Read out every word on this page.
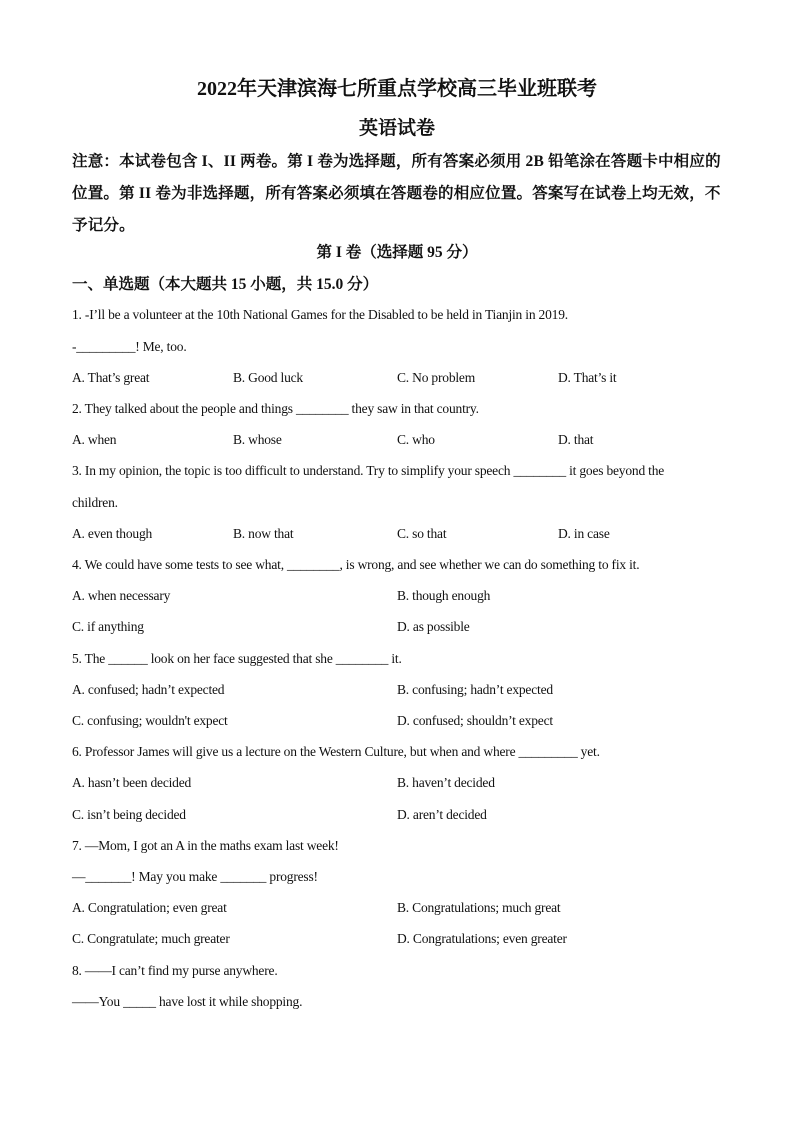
2022年天津滨海七所重点学校高三毕业班联考
英语试卷
注意：本试卷包含 I、II 两卷。第 I 卷为选择题，所有答案必须用 2B 铅笔涂在答题卡中相应的位置。第 II 卷为非选择题，所有答案必须填在答题卷的相应位置。答案写在试卷上均无效，不予记分。
第 I 卷（选择题 95 分）
一、单选题（本大题共 15 小题，共 15.0 分）
1. -I’ll be a volunteer at the 10th National Games for the Disabled to be held in Tianjin in 2019.
-_________! Me, too.
A. That’s great	B. Good luck	C. No problem	D. That’s it
2. They talked about the people and things ________ they saw in that country.
A. when	B. whose	C. who	D. that
3. In my opinion, the topic is too difficult to understand. Try to simplify your speech ________ it goes beyond the
children.
A. even though	B. now that	C. so that	D. in case
4. We could have some tests to see what, ________, is wrong, and see whether we can do something to fix it.
A. when necessary	B. though enough
C. if anything	D. as possible
5. The ______ look on her face suggested that she ________ it.
A. confused; hadn’t expected	B. confusing; hadn’t expected
C. confusing; wouldn't expect	D. confused; shouldn’t expect
6. Professor James will give us a lecture on the Western Culture, but when and where _________ yet.
A. hasn’t been decided	B. haven’t decided
C. isn’t being decided	D. aren’t decided
7. —Mom, I got an A in the maths exam last week!
—_______! May you make _______ progress!
A. Congratulation; even great	B. Congratulations; much great
C. Congratulate; much greater	D. Congratulations; even greater
8. ——I can’t find my purse anywhere.
——You _____ have lost it while shopping.
